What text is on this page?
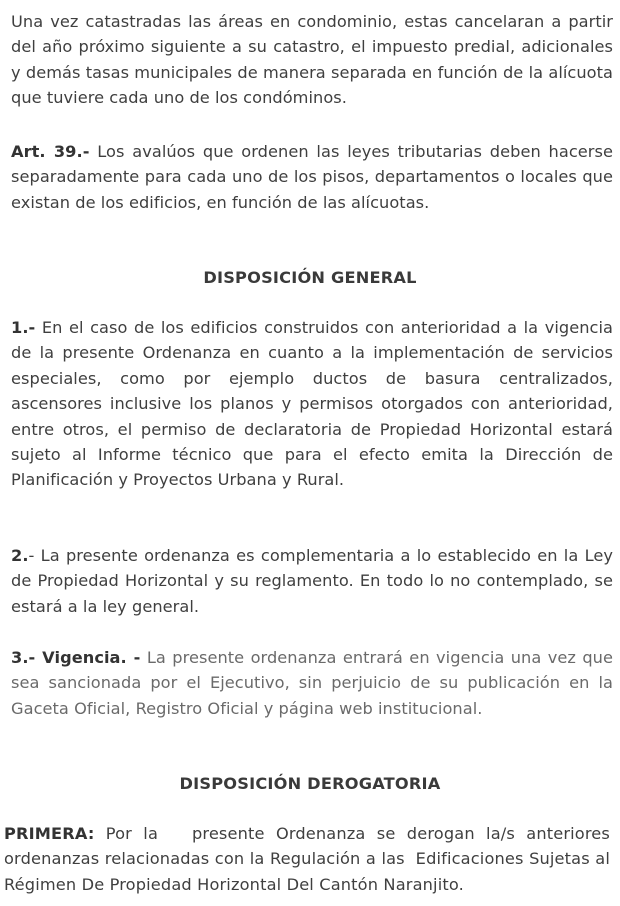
Una vez catastradas las áreas en condominio, estas cancelaran a partir del año próximo siguiente a su catastro, el impuesto predial, adicionales y demás tasas municipales de manera separada en función de la alícuota que tuviere cada uno de los condóminos.

Art. 39.- Los avalúos que ordenen las leyes tributarias deben hacerse separadamente para cada uno de los pisos, departamentos o locales que existan de los edificios, en función de las alícuotas.

DISPOSICIÓN GENERAL

1.- En el caso de los edificios construidos con anterioridad a la vigencia de la presente Ordenanza en cuanto a la implementación de servicios especiales, como por ejemplo ductos de basura centralizados, ascensores inclusive los planos y permisos otorgados con anterioridad, entre otros, el permiso de declaratoria de Propiedad Horizontal estará sujeto al Informe técnico que para el efecto emita la Dirección de Planificación y Proyectos Urbana y Rural.

2.- La presente ordenanza es complementaria a lo establecido en la Ley de Propiedad Horizontal y su reglamento. En todo lo no contemplado, se estará a la ley general.

3.- Vigencia. - La presente ordenanza entrará en vigencia una vez que sea sancionada por el Ejecutivo, sin perjuicio de su publicación en la Gaceta Oficial, Registro Oficial y página web institucional.

DISPOSICIÓN DEROGATORIA

PRIMERA: Por la   presente Ordenanza se derogan la/s anteriores ordenanzas relacionadas con la Regulación a las  Edificaciones Sujetas al Régimen De Propiedad Horizontal Del Cantón Naranjito.
